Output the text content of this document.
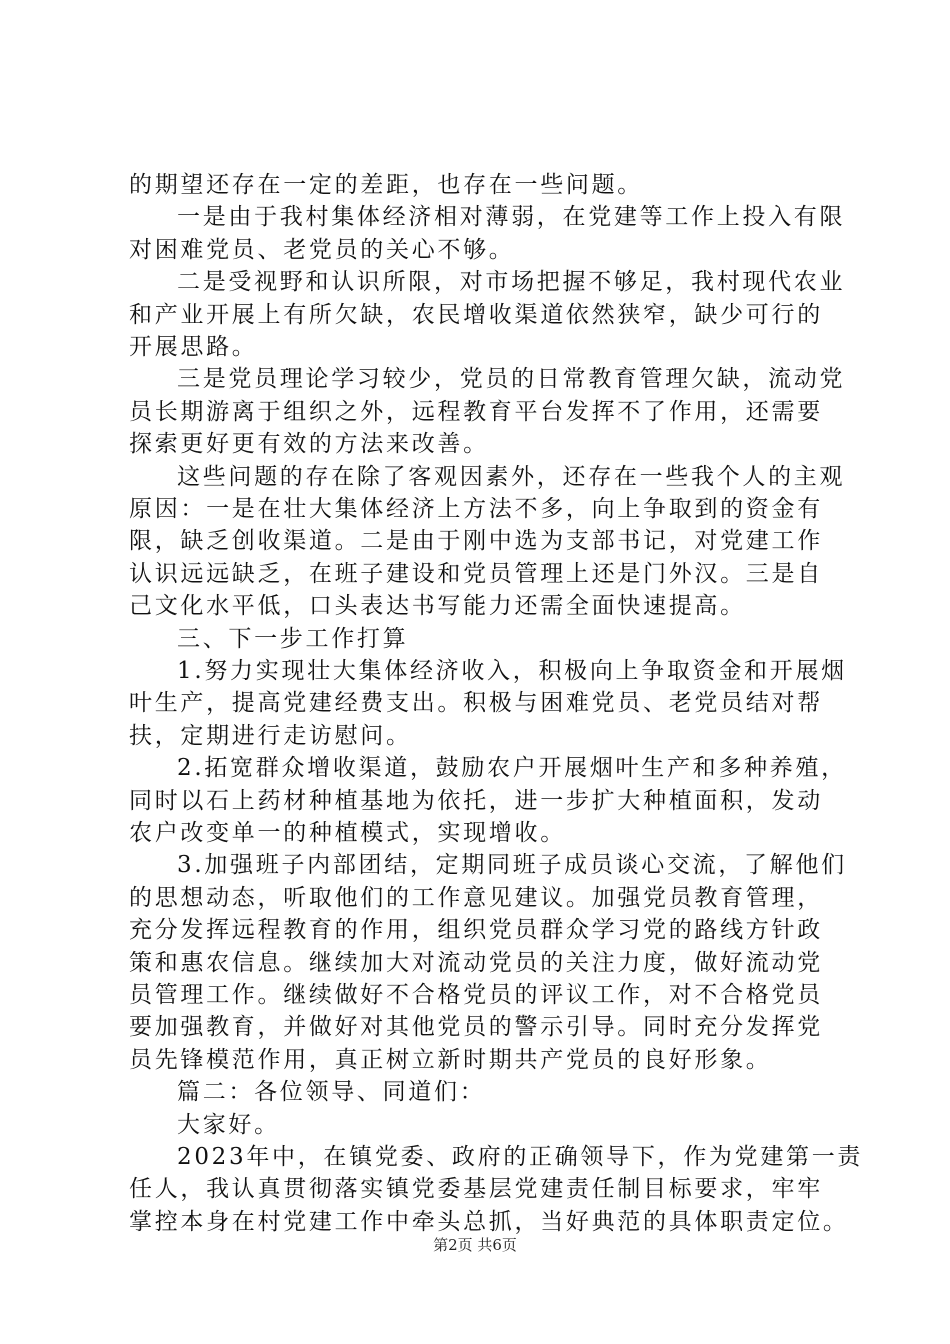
的期望还存在一定的差距，也存在一些问题。
一是由于我村集体经济相对薄弱，在党建等工作上投入有限
对困难党员、老党员的关心不够。
二是受视野和认识所限，对市场把握不够足，我村现代农业
和产业开展上有所欠缺，农民增收渠道依然狭窄，缺少可行的
开展思路。
三是党员理论学习较少，党员的日常教育管理欠缺，流动党
员长期游离于组织之外，远程教育平台发挥不了作用，还需要
探索更好更有效的方法来改善。
这些问题的存在除了客观因素外，还存在一些我个人的主观
原因：一是在壮大集体经济上方法不多，向上争取到的资金有
限，缺乏创收渠道。二是由于刚中选为支部书记，对党建工作
认识远远缺乏，在班子建设和党员管理上还是门外汉。三是自
己文化水平低，口头表达书写能力还需全面快速提高。
三、下一步工作打算
1.努力实现壮大集体经济收入，积极向上争取资金和开展烟
叶生产，提高党建经费支出。积极与困难党员、老党员结对帮
扶，定期进行走访慰问。
2.拓宽群众增收渠道，鼓励农户开展烟叶生产和多种养殖，
同时以石上药材种植基地为依托，进一步扩大种植面积，发动
农户改变单一的种植模式，实现增收。
3.加强班子内部团结，定期同班子成员谈心交流，了解他们
的思想动态，听取他们的工作意见建议。加强党员教育管理，
充分发挥远程教育的作用，组织党员群众学习党的路线方针政
策和惠农信息。继续加大对流动党员的关注力度，做好流动党
员管理工作。继续做好不合格党员的评议工作，对不合格党员
要加强教育，并做好对其他党员的警示引导。同时充分发挥党
员先锋模范作用，真正树立新时期共产党员的良好形象。
篇二：各位领导、同道们：
大家好。
2023年中，在镇党委、政府的正确领导下，作为党建第一责
任人，我认真贯彻落实镇党委基层党建责任制目标要求，牢牢
掌控本身在村党建工作中牵头总抓，当好典范的具体职责定位。
第2页 共6页
